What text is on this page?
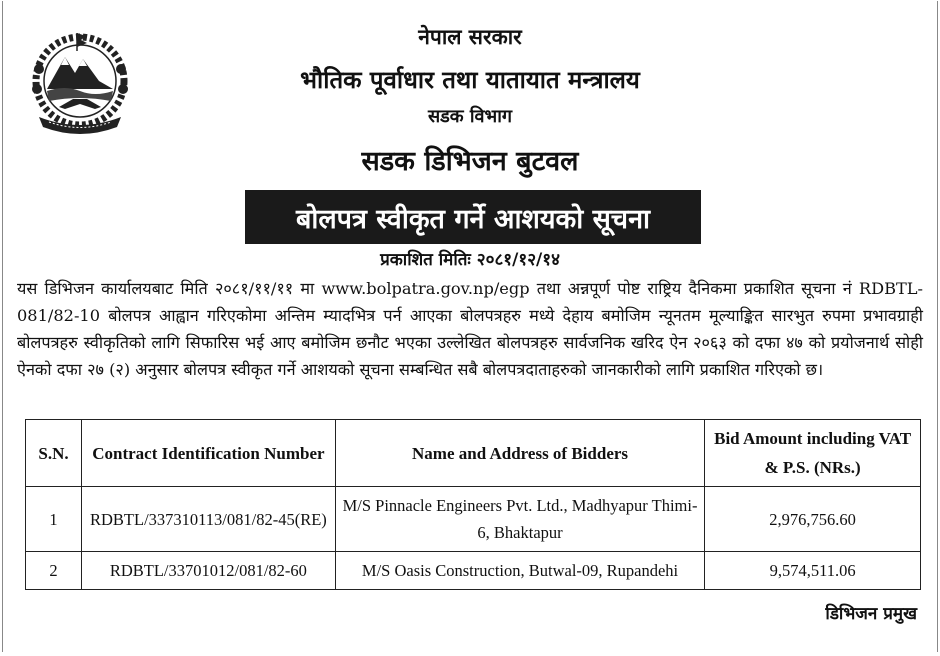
नेपाल सरकार
भौतिक पूर्वाधार तथा यातायात मन्त्रालय
सडक विभाग
सडक डिभिजन बुटवल
बोलपत्र स्वीकृत गर्ने आशयको सूचना
प्रकाशित मितिः २०८१/१२/१४

यस डिभिजन कार्यालयबाट मिति २०८१/११/११ मा www.bolpatra.gov.np/egp तथा अन्नपूर्ण पोष्ट राष्ट्रिय दैनिकमा प्रकाशित सूचना नं RDBTL-081/82-10 बोलपत्र आह्वान गरिएकोमा अन्तिम म्यादभित्र पर्न आएका बोलपत्रहरु मध्ये देहाय बमोजिम न्यूनतम मूल्याङ्कित सारभुत रुपमा प्रभावग्राही बोलपत्रहरु स्वीकृतिको लागि सिफारिस भई आए बमोजिम छनौट भएका उल्लेखित बोलपत्रहरु सार्वजनिक खरिद ऐन २०६३ को दफा ४७ को प्रयोजनार्थ सोही ऐनको दफा २७ (२) अनुसार बोलपत्र स्वीकृत गर्ने आशयको सूचना सम्बन्धित सबै बोलपत्रदाताहरुको जानकारीको लागि प्रकाशित गरिएको छ।

S.N.	Contract Identification Number	Name and Address of Bidders	Bid Amount including VAT & P.S. (NRs.)
1	RDBTL/337310113/081/82-45(RE)	M/S Pinnacle Engineers Pvt. Ltd., Madhyapur Thimi-6, Bhaktapur	2,976,756.60
2	RDBTL/33701012/081/82-60	M/S Oasis Construction, Butwal-09, Rupandehi	9,574,511.06
डिभिजन प्रमुख
